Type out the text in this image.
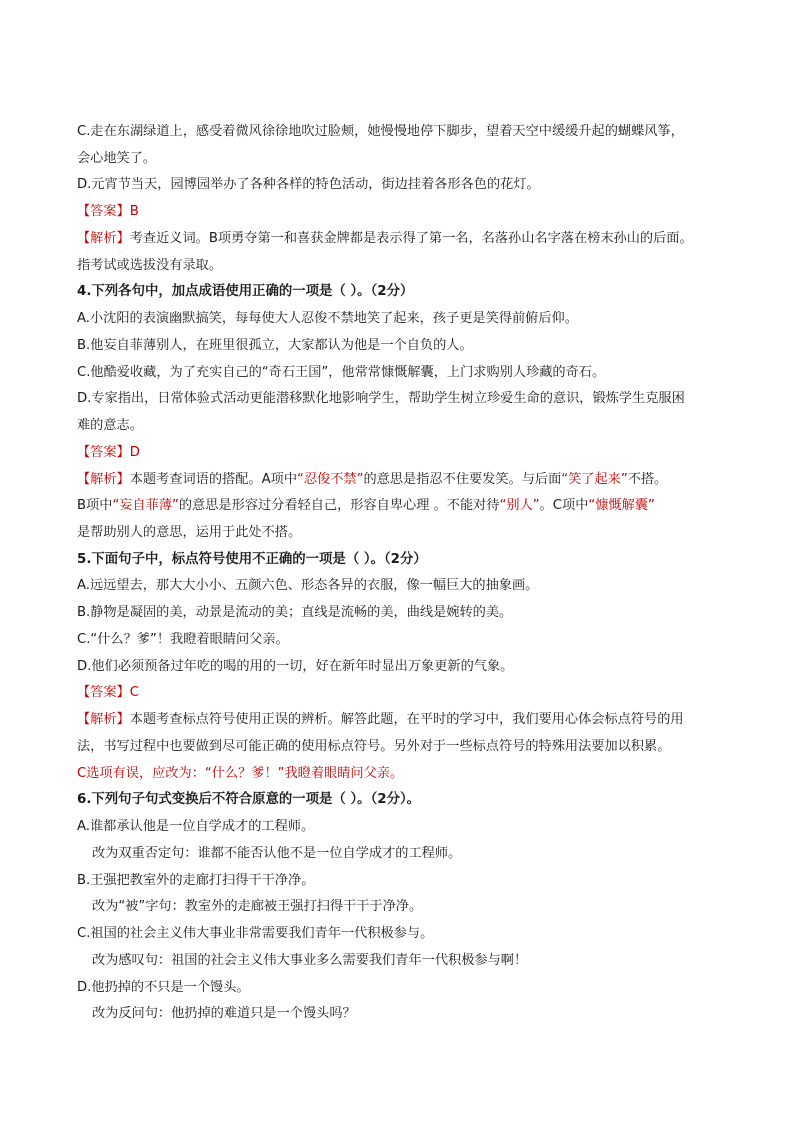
C.走在东湖绿道上，感受着微风徐徐地吹过脸颊，她慢慢地停下脚步，望着天空中缓缓升起的蝴蝶风筝，
会心地笑了。
D.元宵节当天，园博园举办了各种各样的特色活动，街边挂着各形各色的花灯。
【答案】B
【解析】考查近义词。B项勇夺第一和喜获金牌都是表示得了第一名，名落孙山名字落在榜末孙山的后面。
指考试或选拔没有录取。
4.下列各句中，加点成语使用正确的一项是（ ）。（2分）
A.小沈阳的表演幽默搞笑，每每使大人忍俊不禁地笑了起来，孩子更是笑得前俯后仰。
B.他妄自菲薄别人，在班里很孤立，大家都认为他是一个自负的人。
C.他酷爱收藏，为了充实自己的“奇石王国”，他常常慷慨解囊，上门求购别人珍藏的奇石。
D.专家指出，日常体验式活动更能潜移默化地影响学生，帮助学生树立珍爱生命的意识，锻炼学生克服困
难的意志。
【答案】D
【解析】本题考查词语的搭配。A项中“忍俊不禁”的意思是指忍不住要发笑。与后面“笑了起来”不搭。
B项中“妄自菲薄”的意思是形容过分看轻自己，形容自卑心理 。不能对待“别人”。C项中“慷慨解囊”
是帮助别人的意思，运用于此处不搭。
5.下面句子中，标点符号使用不正确的一项是（ ）。（2分）
A.远远望去，那大大小小、五颜六色、形态各异的衣服，像一幅巨大的抽象画。
B.静物是凝固的美，动景是流动的美；直线是流畅的美，曲线是婉转的美。
C.“什么？爹”！我瞪着眼睛问父亲。
D.他们必须预备过年吃的喝的用的一切，好在新年时显出万象更新的气象。
【答案】C
【解析】本题考查标点符号使用正误的辨析。解答此题，在平时的学习中，我们要用心体会标点符号的用
法，书写过程中也要做到尽可能正确的使用标点符号。另外对于一些标点符号的特殊用法要加以积累。
C选项有误，应改为：“什么？爹！”我瞪着眼睛问父亲。
6.下列句子句式变换后不符合原意的一项是（ ）。（2分）。
A.谁都承认他是一位自学成才的工程师。
改为双重否定句：谁都不能否认他不是一位自学成才的工程师。
B.王强把教室外的走廊打扫得干干净净。
改为“被”字句：教室外的走廊被王强打扫得干干于净净。
C.祖国的社会主义伟大事业非常需要我们青年一代积极参与。
改为感叹句：祖国的社会主义伟大事业多么需要我们青年一代积极参与啊！
D.他扔掉的不只是一个馒头。
改为反问句：他扔掉的难道只是一个馒头吗？
